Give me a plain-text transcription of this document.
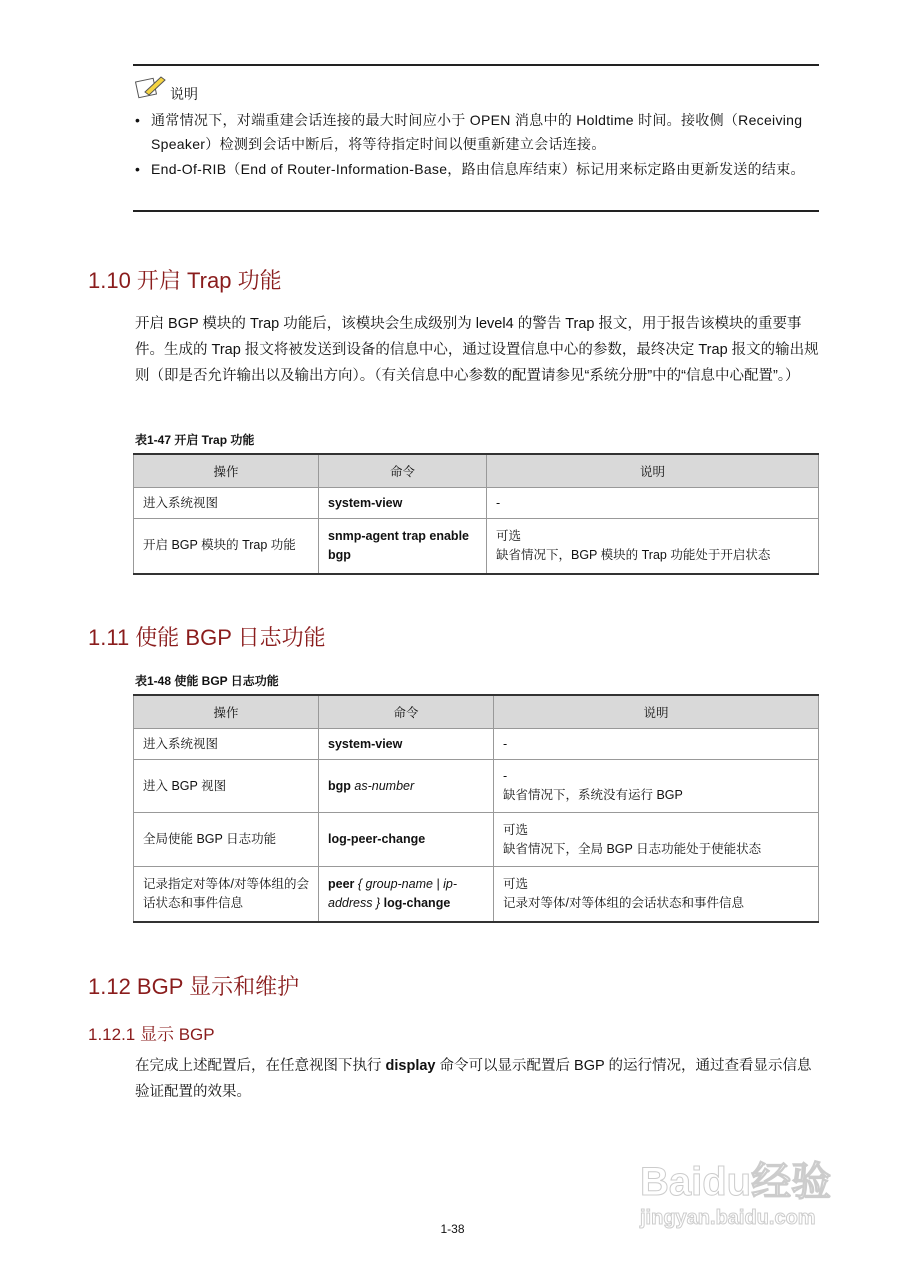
说明
• 通常情况下，对端重建会话连接的最大时间应小于 OPEN 消息中的 Holdtime 时间。接收侧（Receiving Speaker）检测到会话中断后，将等待指定时间以便重新建立会话连接。
• End-Of-RIB（End of Router-Information-Base，路由信息库结束）标记用来标定路由更新发送的结束。
1.10 开启 Trap 功能
开启 BGP 模块的 Trap 功能后，该模块会生成级别为 level4 的警告 Trap 报文，用于报告该模块的重要事件。生成的 Trap 报文将被发送到设备的信息中心，通过设置信息中心的参数，最终决定 Trap 报文的输出规则（即是否允许输出以及输出方向）。（有关信息中心参数的配置请参见“系统分册”中的“信息中心配置”。）
表1-47 开启 Trap 功能
操作	命令	说明
进入系统视图	system-view	-
开启 BGP 模块的 Trap 功能	snmp-agent trap enable bgp	可选
缺省情况下，BGP 模块的 Trap 功能处于开启状态
1.11 使能 BGP 日志功能
表1-48 使能 BGP 日志功能
操作	命令	说明
进入系统视图	system-view	-
进入 BGP 视图	bgp as-number	-
缺省情况下，系统没有运行 BGP

全局使能 BGP 日志功能	log-peer-change	可选
缺省情况下，全局 BGP 日志功能处于使能状态

记录指定对等体/对等体组的会话状态和事件信息	peer { group-name | ip-address } log-change	可选
记录对等体/对等体组的会话状态和事件信息
1.12 BGP 显示和维护
1.12.1 显示 BGP
在完成上述配置后，在任意视图下执行 display 命令可以显示配置后 BGP 的运行情况，通过查看显示信息验证配置的效果。
Baidu经验
jingyan.baidu.com
1-38
